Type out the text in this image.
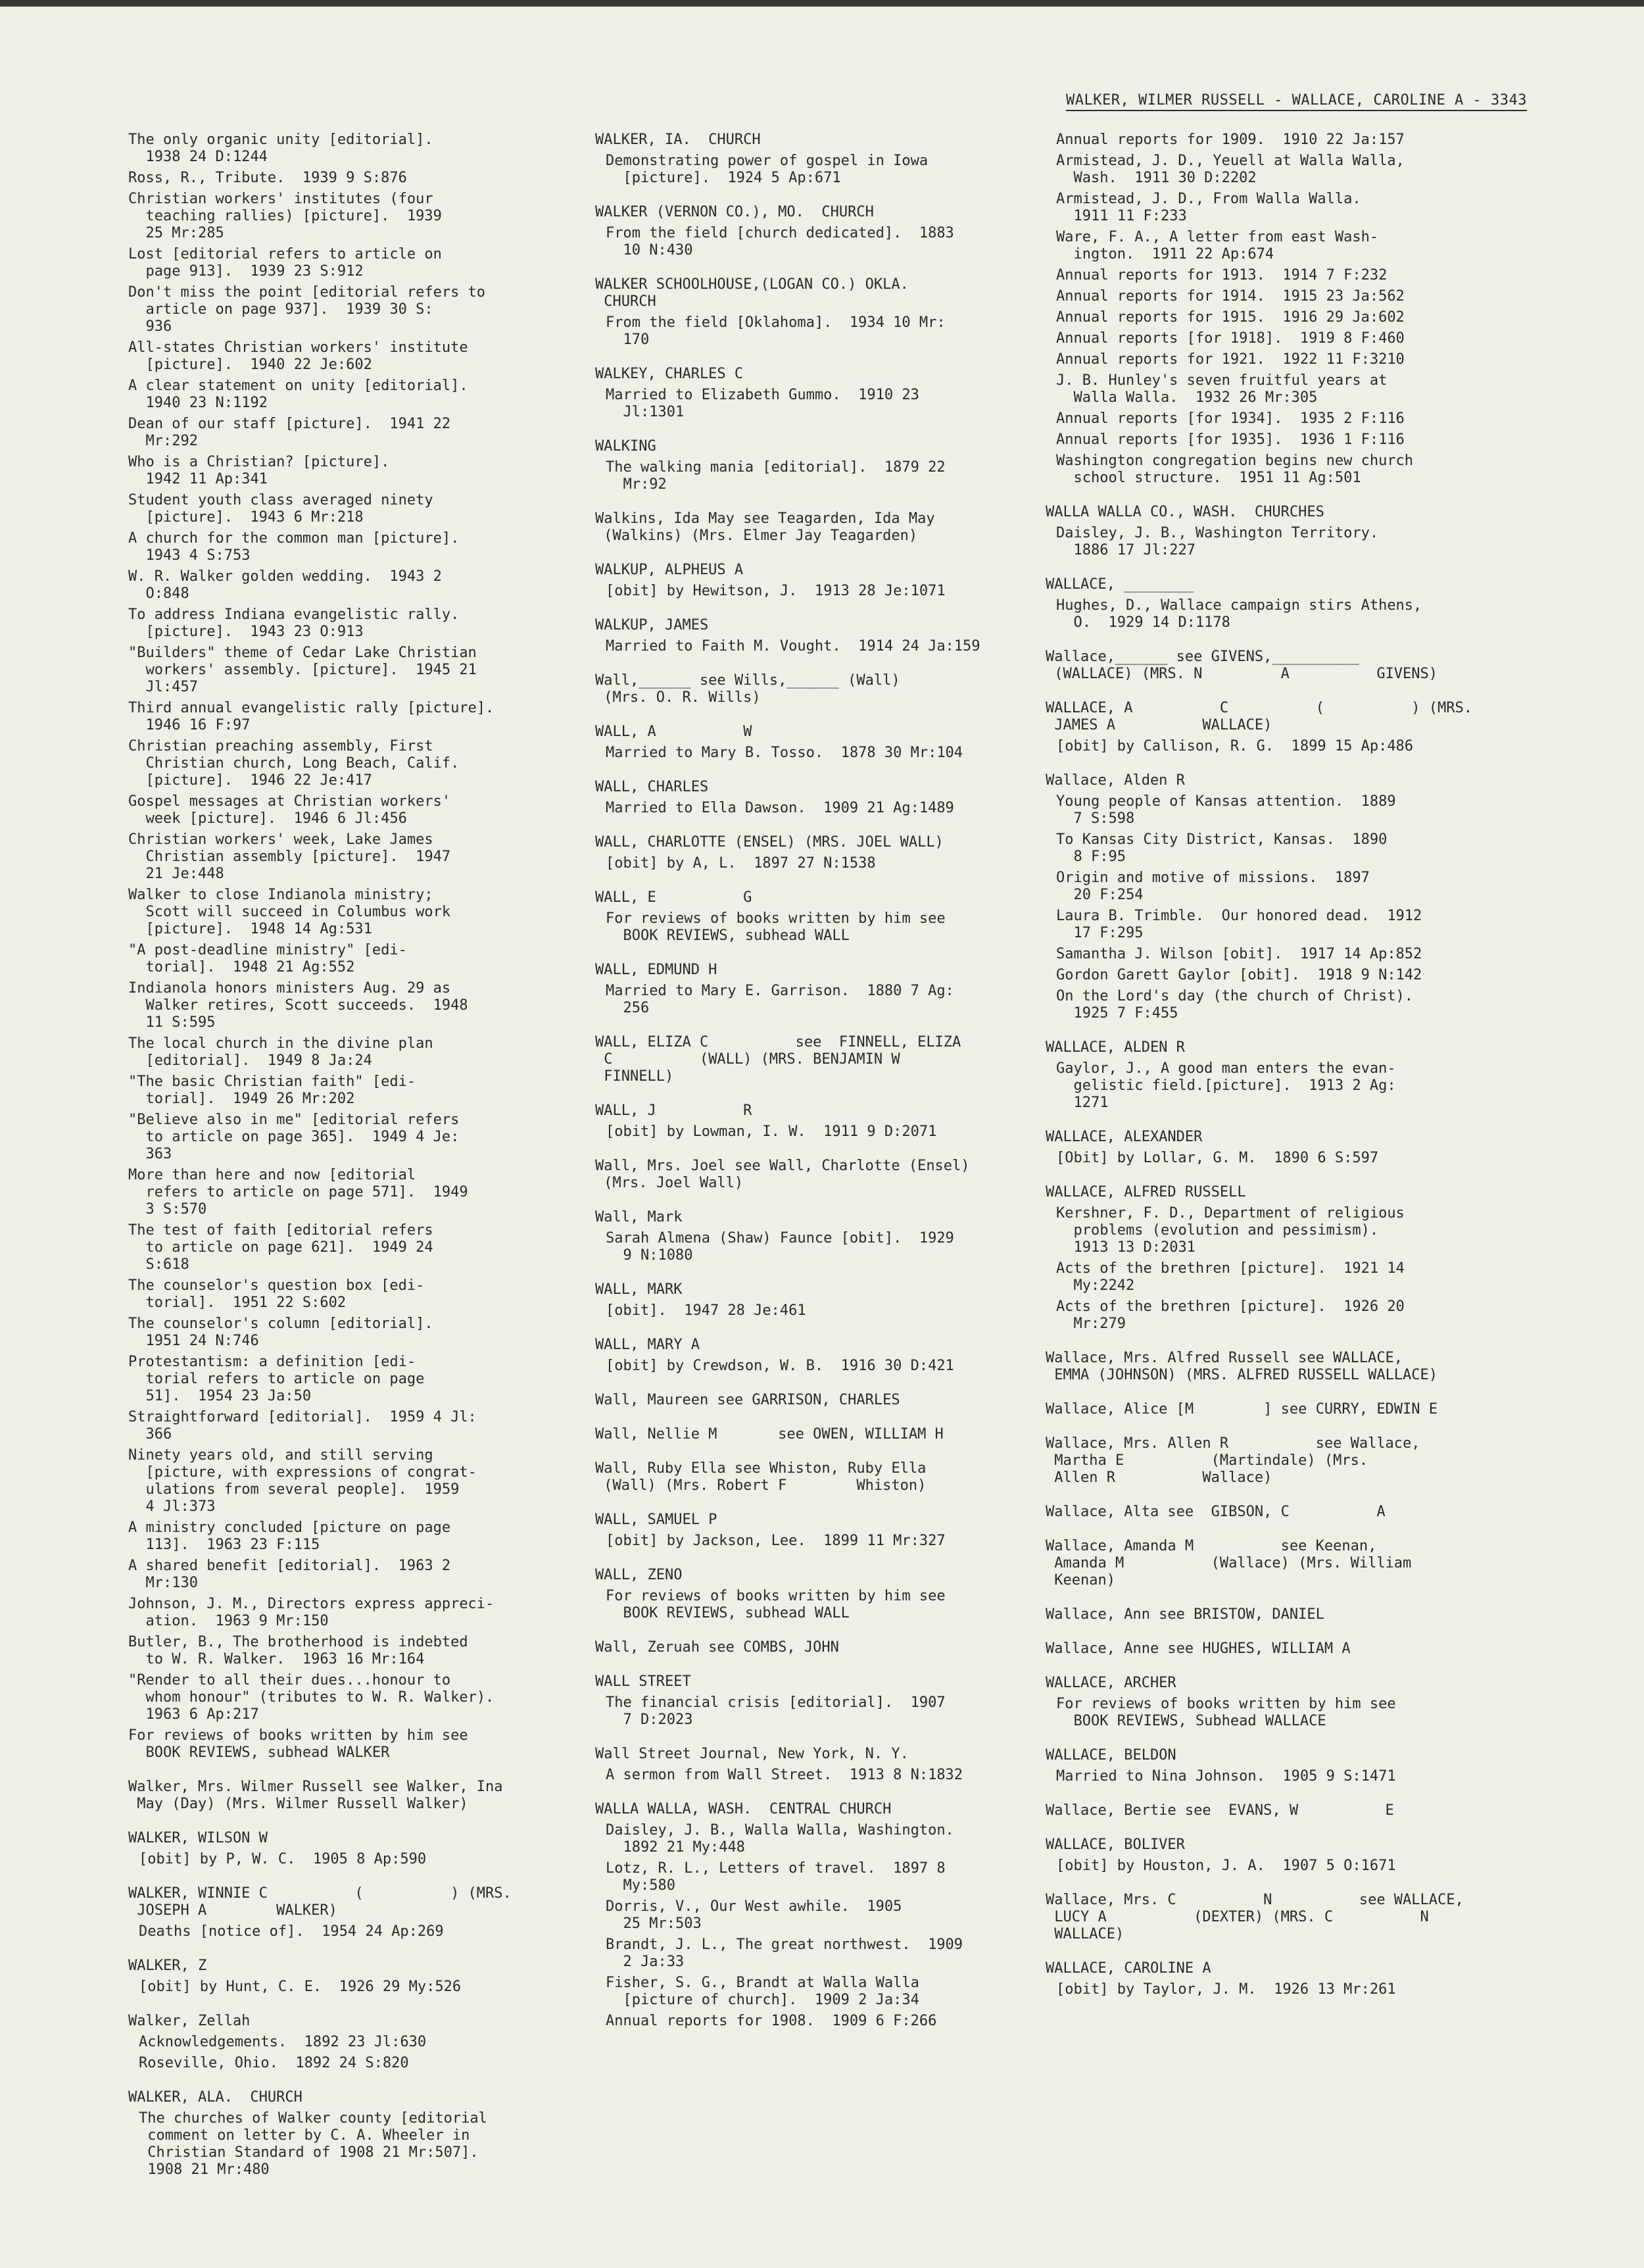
WALKER, WILMER RUSSELL - WALLACE, CAROLINE A - 3343
The only organic unity [editorial].
1938 24 D:1244
Ross, R., Tribute.  1939 9 S:876
Christian workers' institutes (four
teaching rallies) [picture].  1939
25 Mr:285
Lost [editorial refers to article on
page 913].  1939 23 S:912
Don't miss the point [editorial refers to
article on page 937].  1939 30 S:
936
All-states Christian workers' institute
[picture].  1940 22 Je:602
A clear statement on unity [editorial].
1940 23 N:1192
Dean of our staff [picture].  1941 22
Mr:292
Who is a Christian? [picture].
1942 11 Ap:341
Student youth class averaged ninety
[picture].  1943 6 Mr:218
A church for the common man [picture].
1943 4 S:753
W. R. Walker golden wedding.  1943 2
O:848
To address Indiana evangelistic rally.
[picture].  1943 23 O:913
"Builders" theme of Cedar Lake Christian
workers' assembly. [picture].  1945 21
Jl:457
Third annual evangelistic rally [picture].
1946 16 F:97
Christian preaching assembly, First
Christian church, Long Beach, Calif.
[picture].  1946 22 Je:417
Gospel messages at Christian workers'
week [picture].  1946 6 Jl:456
Christian workers' week, Lake James
Christian assembly [picture].  1947
21 Je:448
Walker to close Indianola ministry;
Scott will succeed in Columbus work
[picture].  1948 14 Ag:531
"A post-deadline ministry" [edi-
torial].  1948 21 Ag:552
Indianola honors ministers Aug. 29 as
Walker retires, Scott succeeds.  1948
11 S:595
The local church in the divine plan
[editorial].  1949 8 Ja:24
"The basic Christian faith" [edi-
torial].  1949 26 Mr:202
"Believe also in me" [editorial refers
to article on page 365].  1949 4 Je:
363
More than here and now [editorial
refers to article on page 571].  1949
3 S:570
The test of faith [editorial refers
to article on page 621].  1949 24
S:618
The counselor's question box [edi-
torial].  1951 22 S:602
The counselor's column [editorial].
1951 24 N:746
Protestantism: a definition [edi-
torial refers to article on page
51].  1954 23 Ja:50
Straightforward [editorial].  1959 4 Jl:
366
Ninety years old, and still serving
[picture, with expressions of congrat-
ulations from several people].  1959
4 Jl:373
A ministry concluded [picture on page
113].  1963 23 F:115
A shared benefit [editorial].  1963 2
Mr:130
Johnson, J. M., Directors express appreci-
ation.  1963 9 Mr:150
Butler, B., The brotherhood is indebted
to W. R. Walker.  1963 16 Mr:164
"Render to all their dues...honour to
whom honour" (tributes to W. R. Walker).
1963 6 Ap:217
For reviews of books written by him see
BOOK REVIEWS, subhead WALKER
Walker, Mrs. Wilmer Russell see Walker, Ina
May (Day) (Mrs. Wilmer Russell Walker)
WALKER, WILSON W
[obit] by P, W. C.  1905 8 Ap:590
WALKER, WINNIE C          (          ) (MRS.
JOSEPH A        WALKER)
Deaths [notice of].  1954 24 Ap:269
WALKER, Z
[obit] by Hunt, C. E.  1926 29 My:526
Walker, Zellah
Acknowledgements.  1892 23 Jl:630
Roseville, Ohio.  1892 24 S:820
WALKER, ALA.  CHURCH
The churches of Walker county [editorial
comment on letter by C. A. Wheeler in
Christian Standard of 1908 21 Mr:507].
1908 21 Mr:480
WALKER, IA.  CHURCH
Demonstrating power of gospel in Iowa
[picture].  1924 5 Ap:671
WALKER (VERNON CO.), MO.  CHURCH
From the field [church dedicated].  1883
10 N:430
WALKER SCHOOLHOUSE,(LOGAN CO.) OKLA.
CHURCH
From the field [Oklahoma].  1934 10 Mr:
170
WALKEY, CHARLES C
Married to Elizabeth Gummo.  1910 23
Jl:1301
WALKING
The walking mania [editorial].  1879 22
Mr:92
Walkins, Ida May see Teagarden, Ida May
(Walkins) (Mrs. Elmer Jay Teagarden)
WALKUP, ALPHEUS A
[obit] by Hewitson, J.  1913 28 Je:1071
WALKUP, JAMES
Married to Faith M. Vought.  1914 24 Ja:159
Wall,______ see Wills,______ (Wall)
(Mrs. O. R. Wills)
WALL, A          W
Married to Mary B. Tosso.  1878 30 Mr:104
WALL, CHARLES
Married to Ella Dawson.  1909 21 Ag:1489
WALL, CHARLOTTE (ENSEL) (MRS. JOEL WALL)
[obit] by A, L.  1897 27 N:1538
WALL, E          G
For reviews of books written by him see
BOOK REVIEWS, subhead WALL
WALL, EDMUND H
Married to Mary E. Garrison.  1880 7 Ag:
256
WALL, ELIZA C          see  FINNELL, ELIZA
C          (WALL) (MRS. BENJAMIN W
FINNELL)
WALL, J          R
[obit] by Lowman, I. W.  1911 9 D:2071
Wall, Mrs. Joel see Wall, Charlotte (Ensel)
(Mrs. Joel Wall)
Wall, Mark
Sarah Almena (Shaw) Faunce [obit].  1929
9 N:1080
WALL, MARK
[obit].  1947 28 Je:461
WALL, MARY A
[obit] by Crewdson, W. B.  1916 30 D:421
Wall, Maureen see GARRISON, CHARLES
Wall, Nellie M       see OWEN, WILLIAM H
Wall, Ruby Ella see Whiston, Ruby Ella
(Wall) (Mrs. Robert F        Whiston)
WALL, SAMUEL P
[obit] by Jackson, Lee.  1899 11 Mr:327
WALL, ZENO
For reviews of books written by him see
BOOK REVIEWS, subhead WALL
Wall, Zeruah see COMBS, JOHN
WALL STREET
The financial crisis [editorial].  1907
7 D:2023
Wall Street Journal, New York, N. Y.
A sermon from Wall Street.  1913 8 N:1832
WALLA WALLA, WASH.  CENTRAL CHURCH
Daisley, J. B., Walla Walla, Washington.
1892 21 My:448
Lotz, R. L., Letters of travel.  1897 8
My:580
Dorris, V., Our West awhile.  1905
25 Mr:503
Brandt, J. L., The great northwest.  1909
2 Ja:33
Fisher, S. G., Brandt at Walla Walla
[picture of church].  1909 2 Ja:34
Annual reports for 1908.  1909 6 F:266
Annual reports for 1909.  1910 22 Ja:157
Armistead, J. D., Yeuell at Walla Walla,
Wash.  1911 30 D:2202
Armistead, J. D., From Walla Walla.
1911 11 F:233
Ware, F. A., A letter from east Wash-
ington.  1911 22 Ap:674
Annual reports for 1913.  1914 7 F:232
Annual reports for 1914.  1915 23 Ja:562
Annual reports for 1915.  1916 29 Ja:602
Annual reports [for 1918].  1919 8 F:460
Annual reports for 1921.  1922 11 F:3210
J. B. Hunley's seven fruitful years at
Walla Walla.  1932 26 Mr:305
Annual reports [for 1934].  1935 2 F:116
Annual reports [for 1935].  1936 1 F:116
Washington congregation begins new church
school structure.  1951 11 Ag:501
WALLA WALLA CO., WASH.  CHURCHES
Daisley, J. B., Washington Territory.
1886 17 Jl:227
WALLACE, ________
Hughes, D., Wallace campaign stirs Athens,
O.  1929 14 D:1178
Wallace,______ see GIVENS,__________
(WALLACE) (MRS. N         A          GIVENS)
WALLACE, A          C          (          ) (MRS.
JAMES A          WALLACE)
[obit] by Callison, R. G.  1899 15 Ap:486
Wallace, Alden R
Young people of Kansas attention.  1889
7 S:598
To Kansas City District, Kansas.  1890
8 F:95
Origin and motive of missions.  1897
20 F:254
Laura B. Trimble.  Our honored dead.  1912
17 F:295
Samantha J. Wilson [obit].  1917 14 Ap:852
Gordon Garett Gaylor [obit].  1918 9 N:142
On the Lord's day (the church of Christ).
1925 7 F:455
WALLACE, ALDEN R
Gaylor, J., A good man enters the evan-
gelistic field.[picture].  1913 2 Ag:
1271
WALLACE, ALEXANDER
[Obit] by Lollar, G. M.  1890 6 S:597
WALLACE, ALFRED RUSSELL
Kershner, F. D., Department of religious
problems (evolution and pessimism).
1913 13 D:2031
Acts of the brethren [picture].  1921 14
My:2242
Acts of the brethren [picture].  1926 20
Mr:279
Wallace, Mrs. Alfred Russell see WALLACE,
EMMA (JOHNSON) (MRS. ALFRED RUSSELL WALLACE)
Wallace, Alice [M        ] see CURRY, EDWIN E
Wallace, Mrs. Allen R          see Wallace,
Martha E          (Martindale) (Mrs.
Allen R          Wallace)
Wallace, Alta see  GIBSON, C          A
Wallace, Amanda M          see Keenan,
Amanda M          (Wallace) (Mrs. William
Keenan)
Wallace, Ann see BRISTOW, DANIEL
Wallace, Anne see HUGHES, WILLIAM A
WALLACE, ARCHER
For reviews of books written by him see
BOOK REVIEWS, Subhead WALLACE
WALLACE, BELDON
Married to Nina Johnson.  1905 9 S:1471
Wallace, Bertie see  EVANS, W          E
WALLACE, BOLIVER
[obit] by Houston, J. A.  1907 5 O:1671
Wallace, Mrs. C          N          see WALLACE,
LUCY A          (DEXTER) (MRS. C          N
WALLACE)
WALLACE, CAROLINE A
[obit] by Taylor, J. M.  1926 13 Mr:261
